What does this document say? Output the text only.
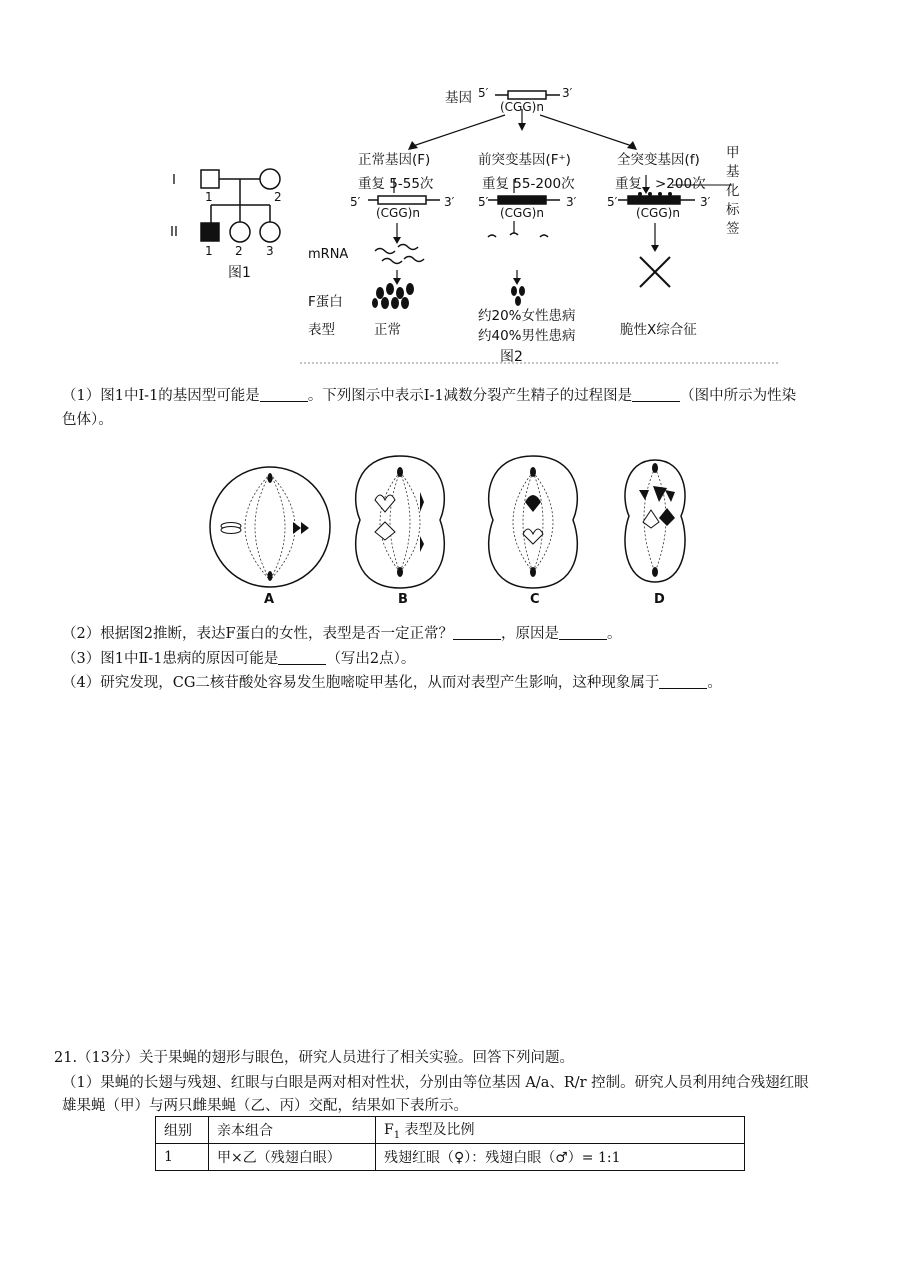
I
II
1	2
1 2 3
图1
基因 5′	3′
(CGG)n
正常基因(F)
重复 5-55次
5′	3′
(CGG)n
前突变基因(F⁺)
重复 55-200次
5′	3′
(CGG)n
全突变基因(f)
重复 >200次
5′	3′
(CGG)n
甲基化标签
mRNA
F蛋白
表型	正常
约20%女性患病
约40%男性患病	脆性X综合征
图2
（1）图1中I-1的基因型可能是	。下列图示中表示I-1减数分裂产生精子的过程图是	（图中所示为性染
色体）。
A	B	C	D
（2）根据图2推断，表达F蛋白的女性，表型是否一定正常？	，原因是	。
（3）图1中Ⅱ-1患病的原因可能是	（写出2点）。
（4）研究发现，CG二核苷酸处容易发生胞嘧啶甲基化，从而对表型产生影响，这种现象属于	。
21.（13分）关于果蝇的翅形与眼色，研究人员进行了相关实验。回答下列问题。
（1）果蝇的长翅与残翅、红眼与白眼是两对相对性状，分别由等位基因 A/a、R/r 控制。研究人员利用纯合残翅红眼
雄果蝇（甲）与两只雌果蝇（乙、丙）交配，结果如下表所示。
组别	亲本组合	$F_1$ 表型及比例
1	甲×乙（残翅白眼）	残翅红眼（♀）：残翅白眼（♂）= 1:1
